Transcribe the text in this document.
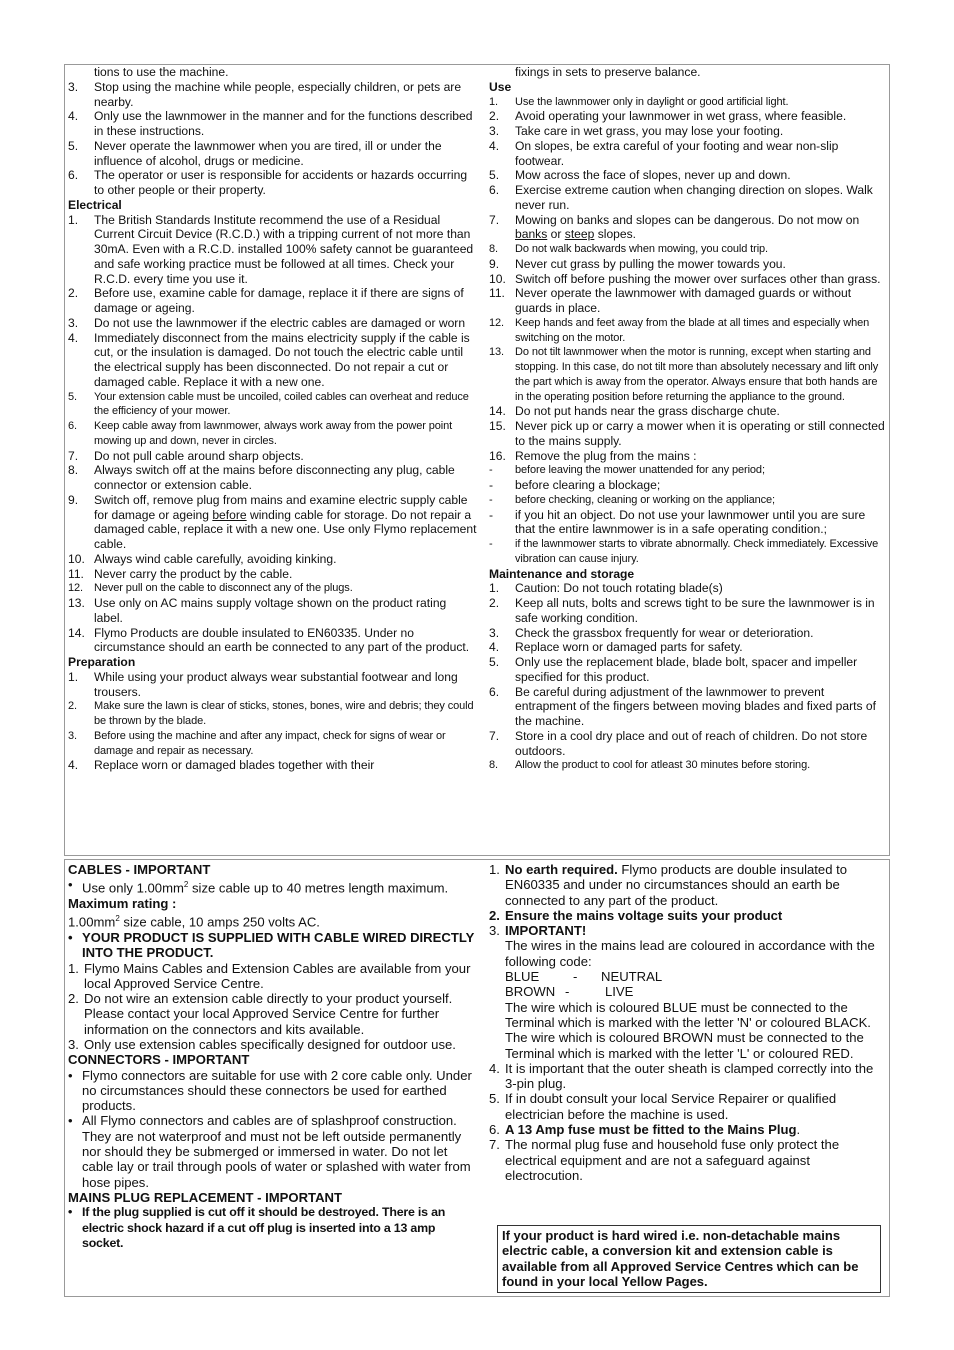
tions to use the machine.
3. Stop using the machine while people, especially children, or pets are nearby.
4. Only use the lawnmower in the manner and for the functions described in these instructions.
5. Never operate the lawnmower when you are tired, ill or under the influence of alcohol, drugs or medicine.
6. The operator or user is responsible for accidents or hazards occurring to other people or their property.
Electrical
1. The British Standards Institute recommend the use of a Residual Current Circuit Device (R.C.D.) with a tripping current of not more than 30mA. Even with a R.C.D. installed 100% safety cannot be guaranteed and safe working practice must be followed at all times. Check your R.C.D. every time you use it.
2. Before use, examine cable for damage, replace it if there are signs of damage or ageing.
3. Do not use the lawnmower if the electric cables are damaged or worn
4. Immediately disconnect from the mains electricity supply if the cable is cut, or the insulation is damaged. Do not touch the electric cable until the electrical supply has been disconnected. Do not repair a cut or damaged cable. Replace it with a new one.
5. Your extension cable must be uncoiled, coiled cables can overheat and reduce the efficiency of your mower.
6. Keep cable away from lawnmower, always work away from the power point mowing up and down, never in circles.
7. Do not pull cable around sharp objects.
8. Always switch off at the mains before disconnecting any plug, cable connector or extension cable.
9. Switch off, remove plug from mains and examine electric supply cable for damage or ageing before winding cable for storage. Do not repair a damaged cable, replace it with a new one. Use only Flymo replacement cable.
10. Always wind cable carefully, avoiding kinking.
11. Never carry the product by the cable.
12. Never pull on the cable to disconnect any of the plugs.
13. Use only on AC mains supply voltage shown on the product rating label.
14. Flymo Products are double insulated to EN60335. Under no circumstance should an earth be connected to any part of the product.
Preparation
1. While using your product always wear substantial footwear and long trousers.
2. Make sure the lawn is clear of sticks, stones, bones, wire and debris; they could be thrown by the blade.
3. Before using the machine and after any impact, check for signs of wear or damage and repair as necessary.
4. Replace worn or damaged blades together with their
fixings in sets to preserve balance.
Use
1. Use the lawnmower only in daylight or good artificial light.
2. Avoid operating your lawnmower in wet grass, where feasible.
3. Take care in wet grass, you may lose your footing.
4. On slopes, be extra careful of your footing and wear non-slip footwear.
5. Mow across the face of slopes, never up and down.
6. Exercise extreme caution when changing direction on slopes. Walk never run.
7. Mowing on banks and slopes can be dangerous. Do not mow on banks or steep slopes.
8. Do not walk backwards when mowing, you could trip.
9. Never cut grass by pulling the mower towards you.
10. Switch off before pushing the mower over surfaces other than grass.
11. Never operate the lawnmower with damaged guards or without guards in place.
12. Keep hands and feet away from the blade at all times and especially when switching on the motor.
13. Do not tilt lawnmower when the motor is running, except when starting and stopping. In this case, do not tilt more than absolutely necessary and lift only the part which is away from the operator. Always ensure that both hands are in the operating position before returning the appliance to the ground.
14. Do not put hands near the grass discharge chute.
15. Never pick up or carry a mower when it is operating or still connected to the mains supply.
16. Remove the plug from the mains :
- before leaving the mower unattended for any period;
- before clearing a blockage;
- before checking, cleaning or working on the appliance;
- if you hit an object. Do not use your lawnmower until you are sure that the entire lawnmower is in a safe operating condition.;
- if the lawnmower starts to vibrate abnormally. Check immediately. Excessive vibration can cause injury.
Maintenance and storage
1. Caution: Do not touch rotating blade(s)
2. Keep all nuts, bolts and screws tight to be sure the lawnmower is in safe working condition.
3. Check the grassbox frequently for wear or deterioration.
4. Replace worn or damaged parts for safety.
5. Only use the replacement blade, blade bolt, spacer and impeller specified for this product.
6. Be careful during adjustment of the lawnmower to prevent entrapment of the fingers between moving blades and fixed parts of the machine.
7. Store in a cool dry place and out of reach of children. Do not store outdoors.
8. Allow the product to cool for atleast 30 minutes before storing.
CABLES - IMPORTANT
• Use only $1.00mm^2$ size cable up to 40 metres length maximum.
Maximum rating :
$1.00mm^2$ size cable, 10 amps 250 volts AC.
• YOUR PRODUCT IS SUPPLIED WITH CABLE WIRED DIRECTLY INTO THE PRODUCT.
1. Flymo Mains Cables and Extension Cables are available from your local Approved Service Centre.
2. Do not wire an extension cable directly to your product yourself. Please contact your local Approved Service Centre for further information on the connectors and kits available.
3. Only use extension cables specifically designed for outdoor use.
CONNECTORS - IMPORTANT
• Flymo connectors are suitable for use with 2 core cable only. Under no circumstances should these connectors be used for earthed products.
• All Flymo connectors and cables are of splashproof construction. They are not waterproof and must not be left outside permanently nor should they be submerged or immersed in water. Do not let cable lay or trail through pools of water or splashed with water from hose pipes.
MAINS PLUG REPLACEMENT - IMPORTANT
• If the plug supplied is cut off it should be destroyed. There is an electric shock hazard if a cut off plug is inserted into a 13 amp socket.
1. No earth required. Flymo products are double insulated to EN60335 and under no circumstances should an earth be connected to any part of the product.
2. Ensure the mains voltage suits your product
3. IMPORTANT!
The wires in the mains lead are coloured in accordance with the following code:
BLUE	- NEUTRAL
BROWN -	LIVE
The wire which is coloured BLUE must be connected to the Terminal which is marked with the letter 'N' or coloured BLACK.
The wire which is coloured BROWN must be connected to the Terminal which is marked with the letter 'L' or coloured RED.
4. It is important that the outer sheath is clamped correctly into the 3-pin plug.
5. If in doubt consult your local Service Repairer or qualified electrician before the machine is used.
6. A 13 Amp fuse must be fitted to the Mains Plug.
7. The normal plug fuse and household fuse only protect the electrical equipment and are not a safeguard against electrocution.
If your product is hard wired i.e. non-detachable mains electric cable, a conversion kit and extension cable is available from all Approved Service Centres which can be found in your local Yellow Pages.
